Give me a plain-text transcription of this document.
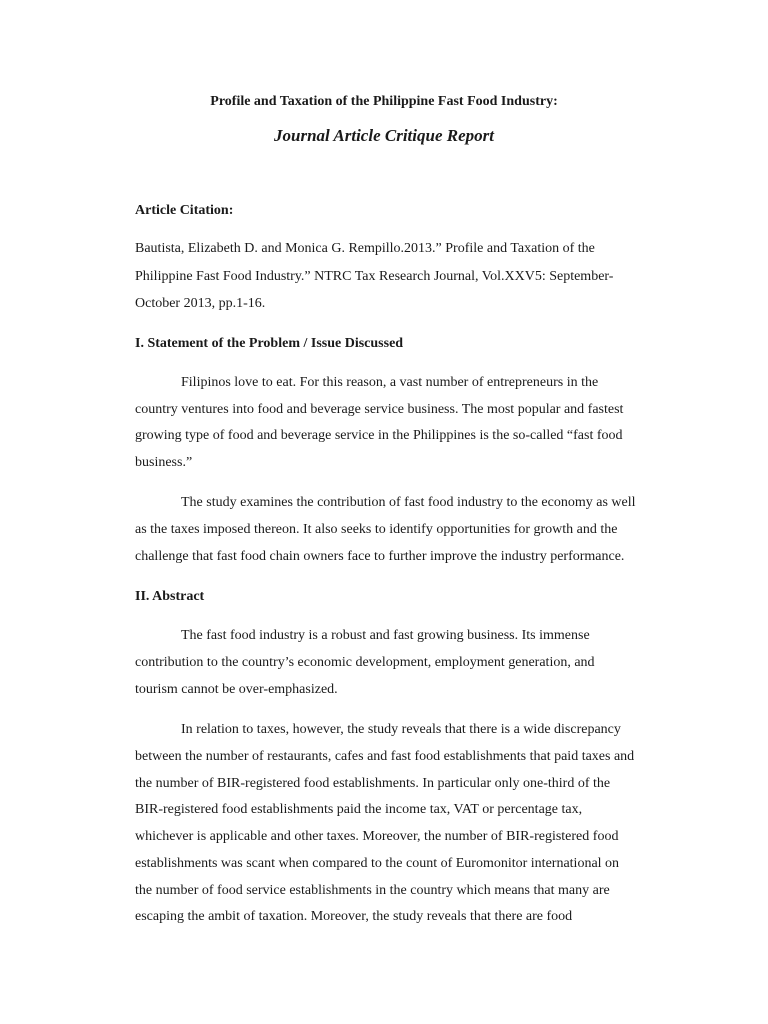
Profile and Taxation of the Philippine Fast Food Industry:
Journal Article Critique Report
Article Citation:
Bautista, Elizabeth D. and Monica G. Rempillo.2013.” Profile and Taxation of the
Philippine Fast Food Industry.” NTRC Tax Research Journal, Vol.XXV5: September-
October 2013, pp.1-16.
I. Statement of the Problem / Issue Discussed
Filipinos love to eat. For this reason, a vast number of entrepreneurs in the
country ventures into food and beverage service business. The most popular and fastest
growing type of food and beverage service in the Philippines is the so-called “fast food
business.”
The study examines the contribution of fast food industry to the economy as well
as the taxes imposed thereon. It also seeks to identify opportunities for growth and the
challenge that fast food chain owners face to further improve the industry performance.
II. Abstract
The fast food industry is a robust and fast growing business. Its immense
contribution to the country’s economic development, employment generation, and
tourism cannot be over-emphasized.
In relation to taxes, however, the study reveals that there is a wide discrepancy
between the number of restaurants, cafes and fast food establishments that paid taxes and
the number of BIR-registered food establishments. In particular only one-third of the
BIR-registered food establishments paid the income tax, VAT or percentage tax,
whichever is applicable and other taxes. Moreover, the number of BIR-registered food
establishments was scant when compared to the count of Euromonitor international on
the number of food service establishments in the country which means that many are
escaping the ambit of taxation. Moreover, the study reveals that there are food
